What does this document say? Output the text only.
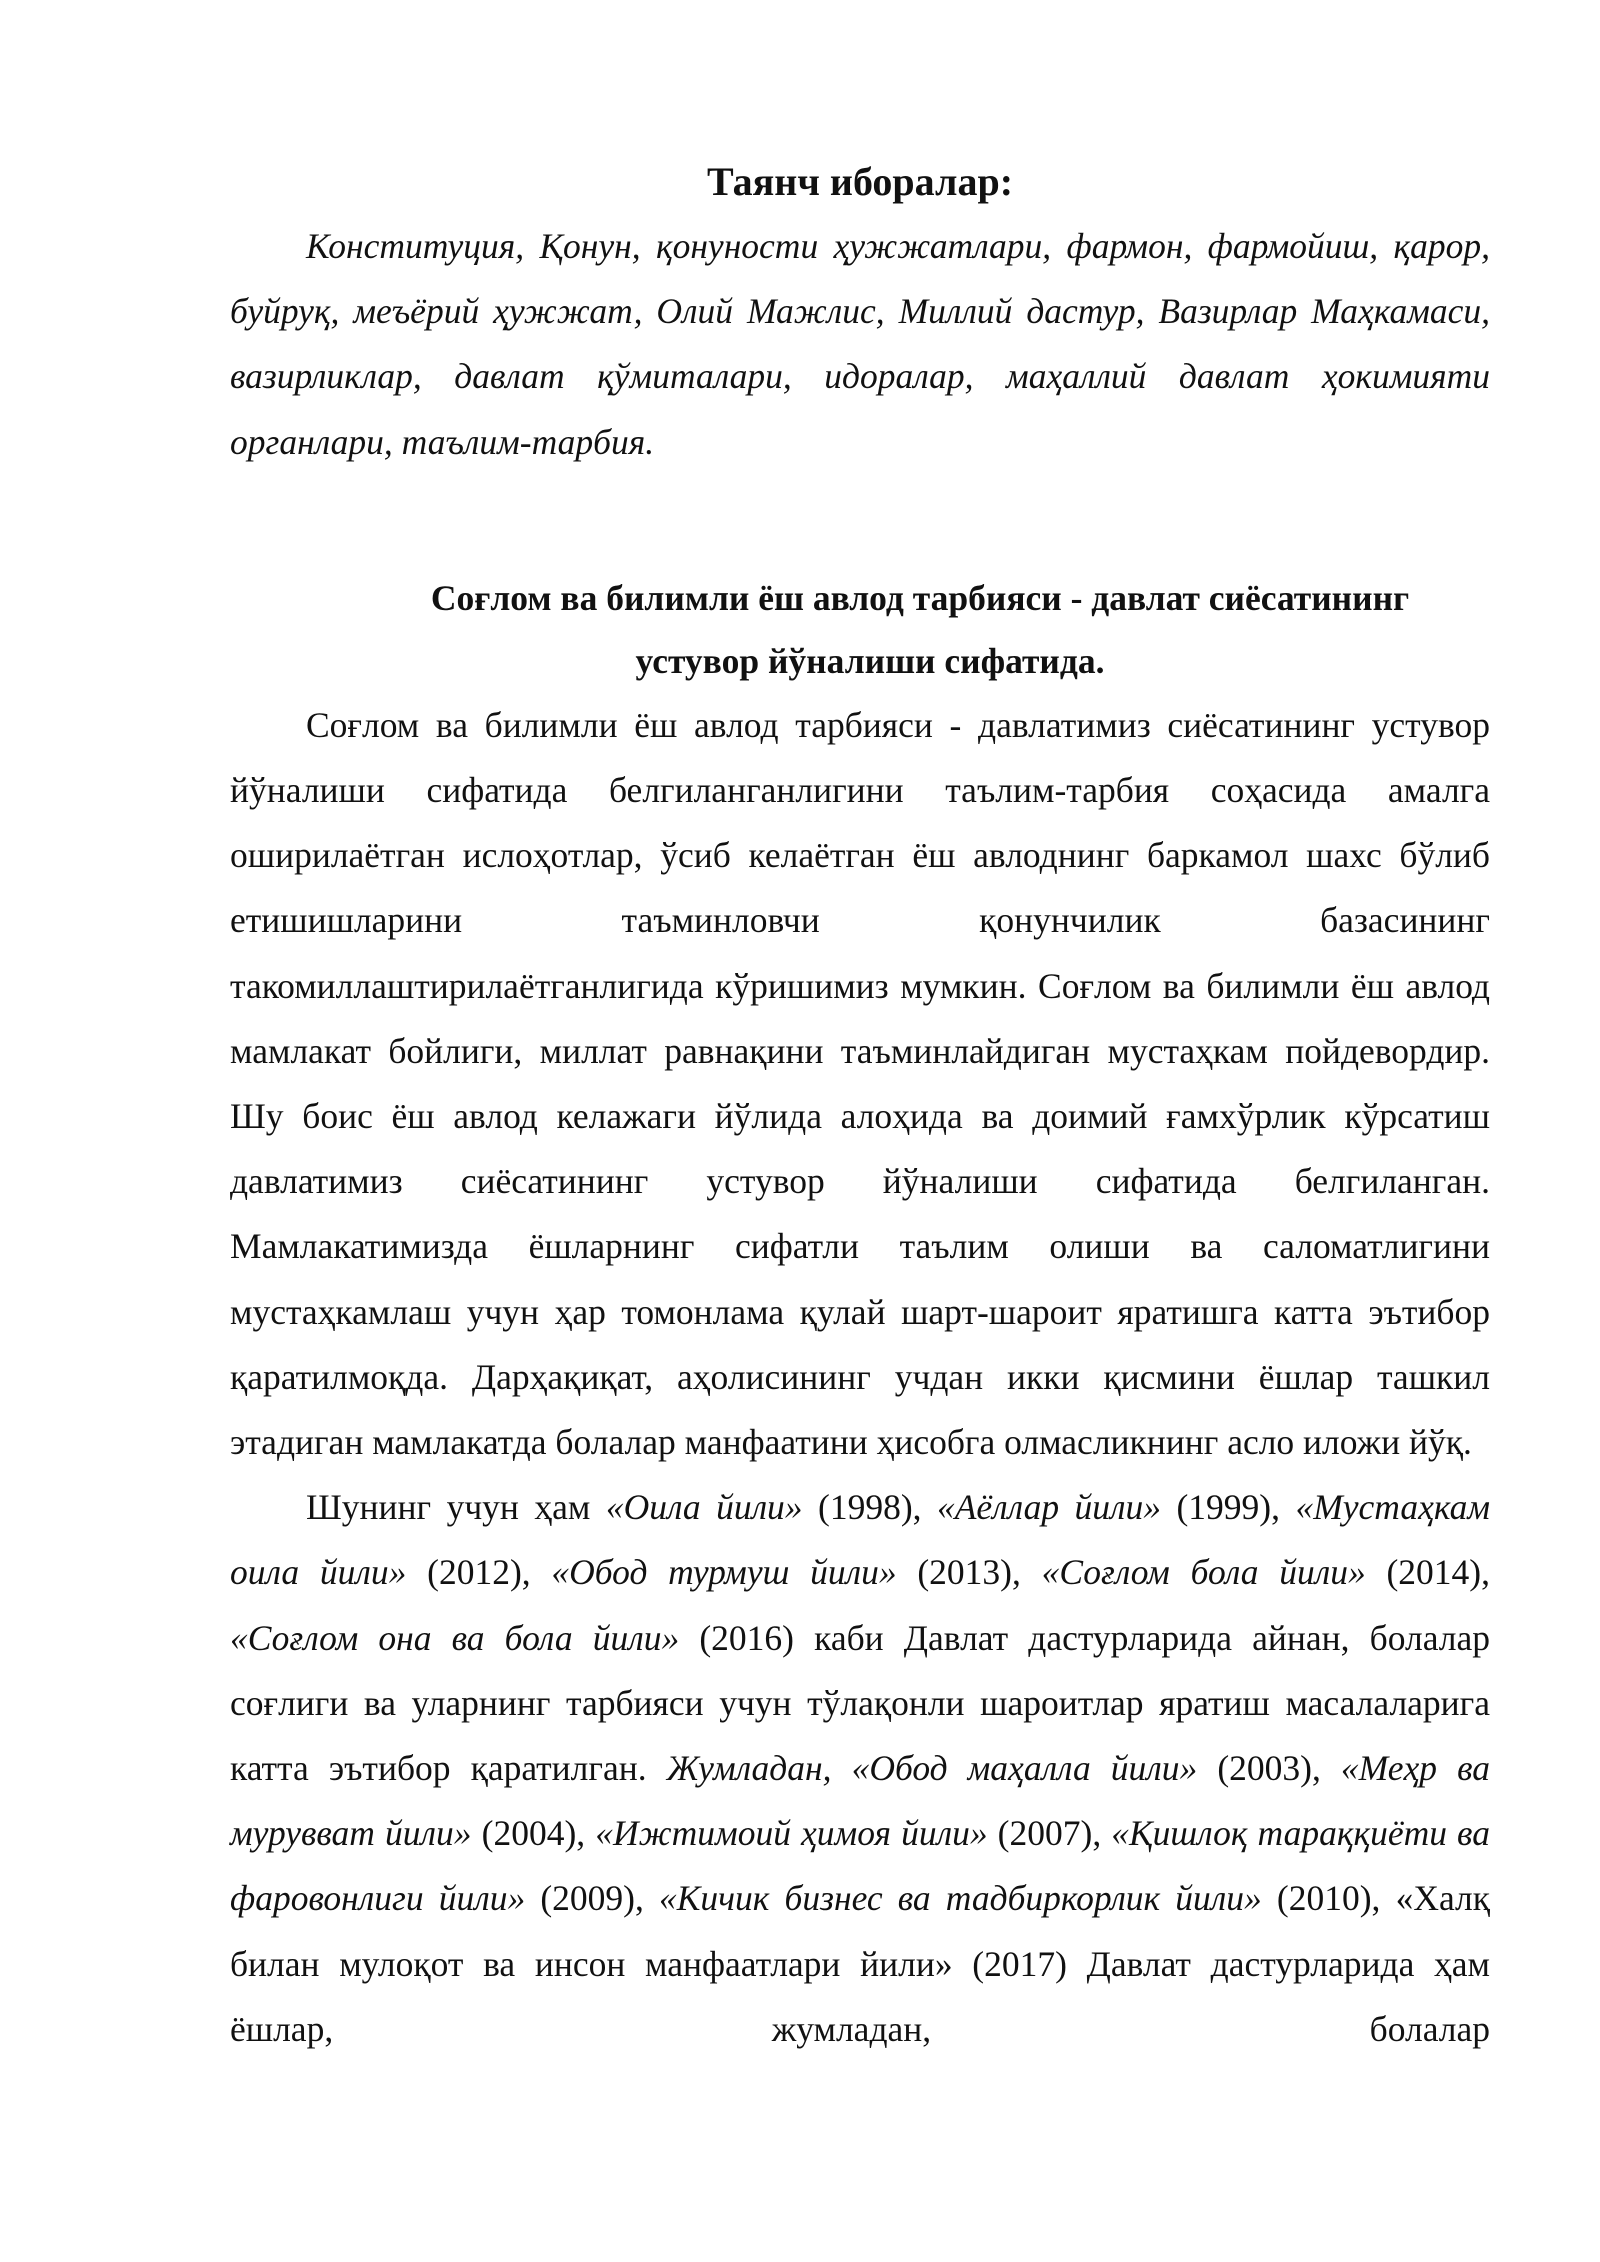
Таянч иборалар:

Конституция, Қонун, қонуности ҳужжатлари, фармон, фармойиш, қарор, буйруқ, меъёрий ҳужжат, Олий Мажлис, Миллий дастур, Вазирлар Маҳкамаси, вазирликлар, давлат қўмиталари, идоралар, маҳаллий давлат ҳокимияти органлари, таълим-тарбия.

Соғлом ва билимли ёш авлод тарбияси - давлат сиёсатининг
устувор йўналиши сифатида.

Соғлом ва билимли ёш авлод тарбияси - давлатимиз сиёсатининг устувор йўналиши сифатида белгиланганлигини таълим-тарбия соҳасида амалга оширилаётган ислоҳотлар, ўсиб келаётган ёш авлоднинг баркамол шахс бўлиб етишишларини таъминловчи қонунчилик базасининг такомиллаштирилаётганлигида кўришимиз мумкин. Соғлом ва билимли ёш авлод мамлакат бойлиги, миллат равнақини таъминлайдиган мустаҳкам пойдевордир. Шу боис ёш авлод келажаги йўлида алоҳида ва доимий ғамхўрлик кўрсатиш давлатимиз сиёсатининг устувор йўналиши сифатида белгиланган. Мамлакатимизда ёшларнинг сифатли таълим олиши ва саломатлигини мустаҳкамлаш учун ҳар томонлама қулай шарт-шароит яратишга катта эътибор қаратилмоқда. Дарҳақиқат, аҳолисининг учдан икки қисмини ёшлар ташкил этадиган мамлакатда болалар манфаатини ҳисобга олмасликнинг асло иложи йўқ.

Шунинг учун ҳам «Оила йили» (1998), «Аёллар йили» (1999), «Мустаҳкам оила йили» (2012), «Обод турмуш йили» (2013), «Соғлом бола йили» (2014), «Соғлом она ва бола йили» (2016) каби Давлат дастурларида айнан, болалар соғлиги ва уларнинг тарбияси учун тўлақонли шароитлар яратиш масалаларига катта эътибор қаратилган. Жумладан, «Обод маҳалла йили» (2003), «Меҳр ва мурувват йили» (2004), «Ижтимоий ҳимоя йили» (2007), «Қишлоқ тараққиёти ва фаровонлиги йили» (2009), «Кичик бизнес ва тадбиркорлик йили» (2010), «Халқ билан мулоқот ва инсон манфаатлари йили» (2017) Давлат дастурларида ҳам ёшлар, жумладан, болалар
